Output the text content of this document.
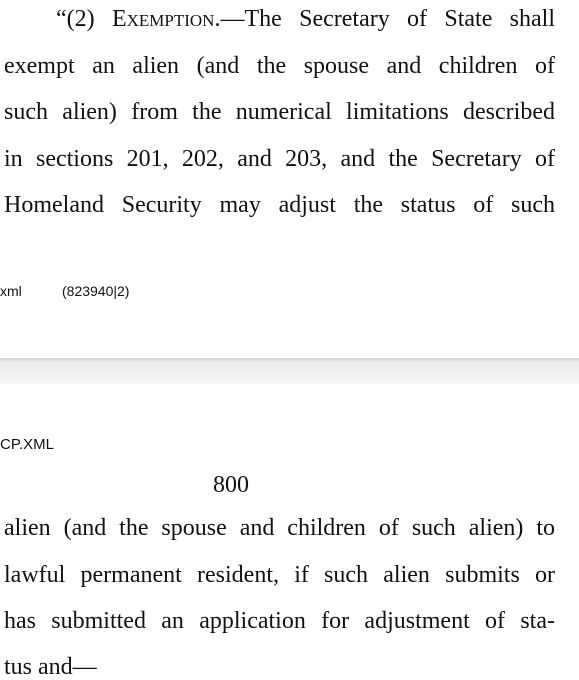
“(2) Exemption.—The Secretary of State shall
exempt an alien (and the spouse and children of
such alien) from the numerical limitations described
in sections 201, 202, and 203, and the Secretary of
Homeland Security may adjust the status of such
xml	(823940|2)
CP.XML
800
alien (and the spouse and children of such alien) to
lawful permanent resident, if such alien submits or
has submitted an application for adjustment of sta-
tus and—
